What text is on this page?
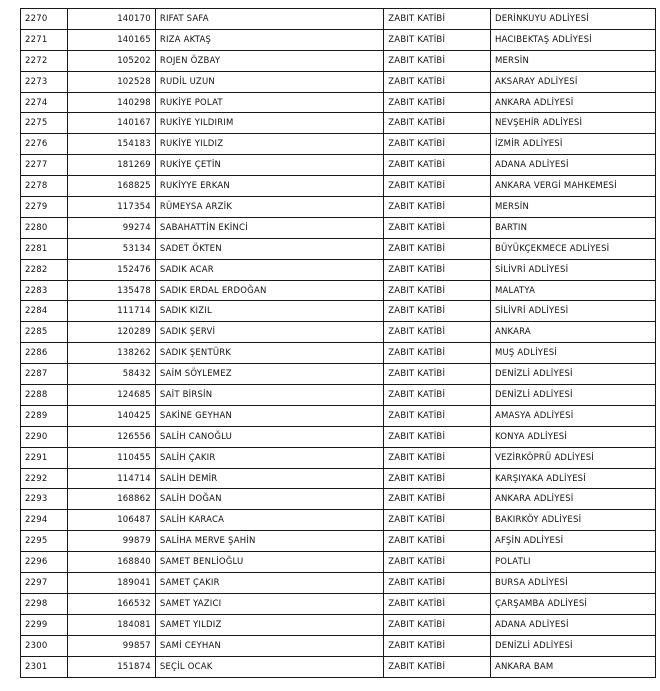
2270	140170	RIFAT SAFA	ZABIT KATİBİ	DERİNKUYU ADLİYESİ
2271	140165	RIZA AKTAŞ	ZABIT KATİBİ	HACIBEKTAŞ ADLİYESİ
2272	105202	ROJEN ÖZBAY	ZABIT KATİBİ	MERSİN
2273	102528	RUDİL UZUN	ZABIT KATİBİ	AKSARAY ADLİYESİ
2274	140298	RUKİYE POLAT	ZABIT KATİBİ	ANKARA ADLİYESİ
2275	140167	RUKİYE YILDIRIM	ZABIT KATİBİ	NEVŞEHİR ADLİYESİ
2276	154183	RUKİYE YILDIZ	ZABIT KATİBİ	İZMİR ADLİYESİ
2277	181269	RUKİYE ÇETİN	ZABIT KATİBİ	ADANA ADLİYESİ
2278	168825	RUKİYYE ERKAN	ZABIT KATİBİ	ANKARA VERGİ MAHKEMESİ
2279	117354	RÜMEYSA ARZİK	ZABIT KATİBİ	MERSİN
2280	99274	SABAHATTİN EKİNCİ	ZABIT KATİBİ	BARTIN
2281	53134	SADET ÖKTEN	ZABIT KATİBİ	BÜYÜKÇEKMECE ADLİYESİ
2282	152476	SADIK ACAR	ZABIT KATİBİ	SİLİVRİ ADLİYESİ
2283	135478	SADIK ERDAL ERDOĞAN	ZABIT KATİBİ	MALATYA
2284	111714	SADIK KIZIL	ZABIT KATİBİ	SİLİVRİ ADLİYESİ
2285	120289	SADIK ŞERVİ	ZABIT KATİBİ	ANKARA
2286	138262	SADIK ŞENTÜRK	ZABIT KATİBİ	MUŞ ADLİYESİ
2287	58432	SAİM SÖYLEMEZ	ZABIT KATİBİ	DENİZLİ ADLİYESİ
2288	124685	SAİT BİRSİN	ZABIT KATİBİ	DENİZLİ ADLİYESİ
2289	140425	SAKİNE GEYHAN	ZABIT KATİBİ	AMASYA ADLİYESİ
2290	126556	SALİH CANOĞLU	ZABIT KATİBİ	KONYA ADLİYESİ
2291	110455	SALİH ÇAKIR	ZABIT KATİBİ	VEZİRKÖPRÜ ADLİYESİ
2292	114714	SALİH DEMİR	ZABIT KATİBİ	KARŞIYAKA ADLİYESİ
2293	168862	SALİH DOĞAN	ZABIT KATİBİ	ANKARA ADLİYESİ
2294	106487	SALİH KARACA	ZABIT KATİBİ	BAKIRKÖY ADLİYESİ
2295	99879	SALİHA MERVE ŞAHİN	ZABIT KATİBİ	AFŞİN ADLİYESİ
2296	168840	SAMET BENLİOĞLU	ZABIT KATİBİ	POLATLI
2297	189041	SAMET ÇAKIR	ZABIT KATİBİ	BURSA ADLİYESİ
2298	166532	SAMET YAZICI	ZABIT KATİBİ	ÇARŞAMBA ADLİYESİ
2299	184081	SAMET YILDIZ	ZABIT KATİBİ	ADANA ADLİYESİ
2300	99857	SAMİ CEYHAN	ZABIT KATİBİ	DENİZLİ ADLİYESİ
2301	151874	SEÇİL OCAK	ZABIT KATİBİ	ANKARA BAM
